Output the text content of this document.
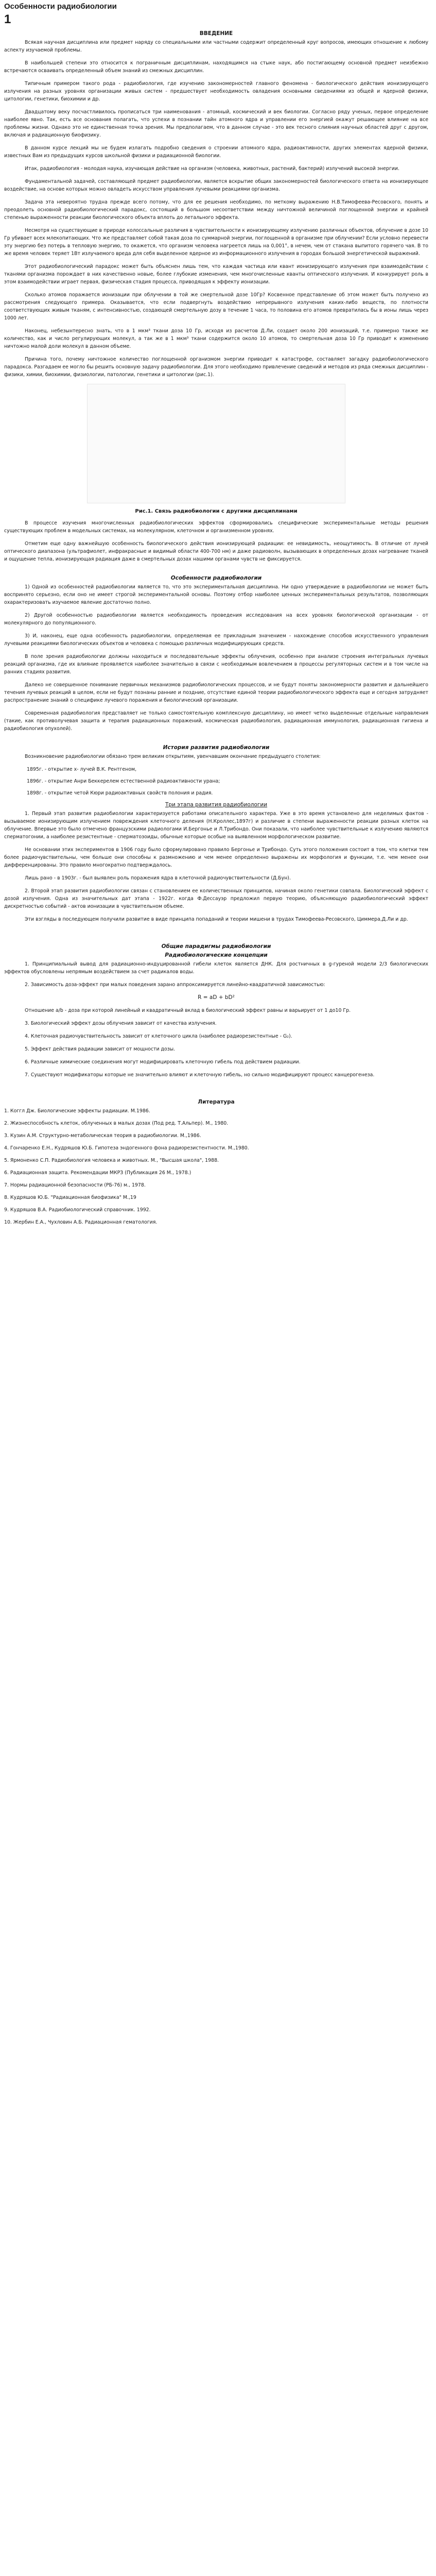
Особенности радиобиологии
1
ВВЕДЕНИЕ

Всякая научная дисциплина или предмет наряду со специальными или частными содержит определенный круг вопросов, имеющих отношение к любому аспекту изучаемой проблемы.

В наибольшей степени это относится к пограничным дисциплинам, находящимся на стыке наук, або постигающему основной предмет неизбежно встречаются осваивать определенный объем знаний из смежных дисциплин.

Типичным примером такого рода - радиобиология, где изучению закономерностей главного феномена - биологического действия ионизирующего излучения на разных уровнях организации живых систем - предшествует необходимость овладения основными сведениями из общей и ядерной физики, цитологии, генетики, биохимии и др.

Двадцатому веку посчастливилось прописаться три наименования - атомный, космический и век биологии. Согласно ряду ученых, первое определение наиболее явно. Так, есть все основания полагать, что успехи в познании тайн атомного ядра и управлении его энергией окажут решающее влияние на все проблемы жизни. Однако это не единственная точка зрения. Мы предполагаем, что в данном случае - это век тесного слияния научных областей друг с другом, включая и радиационную биофизику.

В данном курсе лекций мы не будем излагать подробно сведения о строении атомного ядра, радиоактивности, других элементах ядерной физики, известных Вам из предыдущих курсов школьной физики и радиационной биологии.

Итак, радиобиология - молодая наука, изучающая действие на организм (человека, животных, растений, бактерий) излучений высокой энергии.

Фундаментальной задачей, составляющей предмет радиобиологии, является вскрытие общих закономерностей биологического ответа на ионизирующее воздействие, на основе которых можно овладеть искусством управления лучевыми реакциями организма.

Задача эта невероятно трудна прежде всего потому, что для ее решения необходимо, по меткому выражению Н.В.Тимофеева-Ресовского, понять и преодолеть основной радиобиологический парадокс, состоящий в большом несоответствии между ничтожной величиной поглощенной энергии и крайней степенью выраженности реакции биологического объекта вплоть до летального эффекта.

Несмотря на существующие в природе колоссальные различия в чувствительности к ионизирующему излучению различных объектов, облучение в дозе 10 Гр убивает всех млекопитающих. Что же представляет собой такая доза по суммарной энергии, поглощенной в организме при облучении? Если условно перевести эту энергию без потерь в тепловую энергию, то окажется, что организм человека нагреется лишь на 0,001°, в нечем, чем от стакана выпитого горячего чая. В то же время человек теряет 1Вт излучаемого вреда для себя выделенное ядерное из информационного излучения в городах большой энергетической выражений.

Этот радиобиологический парадокс может быть объяснен лишь тем, что каждая частица или квант ионизирующего излучения при взаимодействии с тканями организма порождает в них качественно новые, более глубокие изменения, чем многочисленные кванты оптического излучения. И конкурирует роль в этом взаимодействии играет первая, физическая стадия процесса, приводящая к эффекту ионизации.

Сколько атомов поражается ионизации при облучении в той же смертельной дозе 10Гр? Косвенное представление об этом может быть получено из рассмотрения следующего примера. Оказывается, что если подвергнуть воздействию непрерывного излучения каких-либо веществ, по плотности соответствующих живым тканям, с интенсивностью, создающей смертельную дозу в течение 1 часа, то половина его атомов превратилась бы в ионы лишь через 1000 лет.

Наконец, небезынтересно знать, что в 1 мкм³ ткани доза 10 Гр, исходя из расчетов Д.Ли, создает около 200 ионизаций, т.е. примерно также же количество, как и число регулирующих молекул, а так же в 1 мкм³ ткани содержится около 10 атомов, то смертельная доза 10 Гр приводит к изменению ничтожно малой доли молекул в данном объеме.

Причина того, почему ничтожное количество поглощенной организмом энергии приводит к катастрофе, составляет загадку радиобиологического парадокса. Разгадаем ее могло бы решить основную задачу радиобиологии. Для этого необходимо привлечение сведений и методов из ряда смежных дисциплин - физики, химии, биохимии, физиологии, патологии, генетики и цитологии (рис.1).

Рис.1. Связь радиобиологии с другими дисциплинами

В процессе изучения многочисленных радиобиологических эффектов сформировались специфические экспериментальные методы решения существующих проблем в модельных системах, на молекулярном, клеточном и организменном уровнях.

Отметим еще одну важнейшую особенность биологического действия ионизирующей радиации: ее невидимость, неощутимость. В отличие от лучей оптического диапазона (ультрафиолет, инфракрасные и видимый области 400-700 нм) и даже радиоволн, вызывающих в определенных дозах нагревание тканей и ощущение тепла, ионизирующая радиация даже в смертельных дозах нашими органами чувств не фиксируется.

Особенности радиобиологии

1) Одной из особенностей радиобиологии является то, что это экспериментальная дисциплина. Ни одно утверждение в радиобиологии не может быть воспринято серьезно, если оно не имеет строгой экспериментальной основы. Поэтому отбор наиболее ценных экспериментальных результатов, позволяющих охарактеризовать изучаемое явление достаточно полно.

2) Другой особенностью радиобиологии является необходимость проведения исследования на всех уровнях биологической организации - от молекулярного до популяционного.

3) И, наконец, еще одна особенность радиобиологии, определяемая ее прикладным значением - нахождение способов искусственного управления лучевыми реакциями биологических объектов и человека с помощью различных модифицирующих средств.

В поле зрения радиобиологии должны находиться и последовательные эффекты облучения, особенно при анализе строения интегральных лучевых реакций организма, где их влияние проявляется наиболее значительно в связи с необходимым вовлечением в процессы регуляторных систем и в том числе на ранних стадиях развития.

Далеко не совершенное понимание первичных механизмов радиобиологических процессов, и не будут поняты закономерности развития и дальнейшего течения лучевых реакций в целом, если не будут познаны ранние и поздние, отсутствие единой теории радиобиологического эффекта еще и сегодня затрудняет распространение знаний о специфике лучевого поражения и биологический организации.

Современная радиобиология представляет не только самостоятельную комплексную дисциплину, но имеет четко выделенные отдельные направления (такие, как противолучевая защита и терапия радиационных поражений, космическая радиобиология, радиационная иммунология, радиационная гигиена и радиобиология опухолей).

История развития радиобиологии

Возникновение радиобиологии обязано трем великим открытиям, увенчавшим окончание предыдущего столетия:

1895г. - открытие х- лучей В.К. Рентгеном,
1896г. - открытие Анри Беккерелем естественной радиоактивности урана;
1898г. - открытие четой Кюри радиоактивных свойств полония и радия.
Три этапа развития радиобиологии

1. Первый этап развития радиобиологии характеризуется работами описательного характера. Уже в это время установлено для неделимых фактов - вызываемое ионизирующим излучением повреждения клеточного деления (Н.Кроллес,1897г) и различие в степени выраженности реакции разных клеток на облучение. Впервые это было отмечено французскими радиологами И.Бергонье и Л.Трибондо. Они показали, что наиболее чувствительные к излучению являются сперматогонии, а наиболее резистентные - сперматозоиды, обычные которые особые на выявленном морфологическом развитие.

Не основании этих экспериментов в 1906 году было сформулировано правило Бергонье и Трибондо. Суть этого положения состоит в том, что клетки тем более радиочувствительны, чем больше они способны к размножению и чем менее определенно выражены их морфология и функции, т.е. чем менее они дифференцированы. Это правило многократно подтверждалось.

Лишь рано - в 1903г. - был выявлен роль поражения ядра в клеточной радиочувствительности (Д.Бун).

2. Второй этап развития радиобиологии связан с становлением ее количественных принципов, начиная около генетики совпала. Биологический эффект с дозой излучения. Одна из значительных дат этапа - 1922г. когда Ф.Дессауэр предложил первую теорию, объясняющую радиобиологический эффект дискретностью событий - актов ионизации в чувствительном объеме.

Эти взгляды в последующем получили развитие в виде принципа попаданий и теории мишени в трудах Тимофеева-Ресовского, Циммера,Д.Ли и др.

Общие парадигмы радиобиологии
Радиобиологические концепции

1. Принципиальный вывод для радиационно-индуцированной гибели клеток является ДНК. Для ростничных в g-гуреной модели 2/3 биологических эффектов обусловлены непрямым воздействием за счет радикалов воды.

2. Зависимость доза-эффект при малых поведения зарано аппроксимируется линейно-квадратичной зависимостью:

R = aD + bD²

Отношение a/b - доза при которой линейный и квадратичный вклад в биологический эффект равны и варьирует от 1 до10 Гр.

3. Биологический эффект дозы облучения зависит от качества излучения.

4. Клеточная радиочувствительность зависит от клеточного цикла (наиболее радиорезистентные - G₂).

5. Эффект действия радиации зависит от мощности дозы.

6. Различные химические соединения могут модифицировать клеточную гибель под действием радиации.

7. Существуют модификаторы которые не значительно влияют и клеточную гибель, но сильно модифицируют процесс канцерогенеза.

Литература
1. Коггл Дж. Биологические эффекты радиации. М.1986.
2. Жизнеспособность клеток, облученных в малых дозах (Под ред. Т.Альпер). М., 1980.
3. Кузин А.М. Структурно-метаболическая теория в радиобиологии. М.,1986.
4. Гончаренко Е.Н., Кудряшов Ю.Б. Гипотеза эндогенного фона радиорезистентности. М.,1980.
5. Ярмоненко С.П. Радиобиология человека и животных. М., "Высшая школа", 1988.
6. Радиационная защита. Рекомендации МКРЗ (Публикация 26 М., 1978.)
7. Нормы радиационной безопасности (РБ-76) м., 1978.
8. Кудряшов Ю.Б. "Радиационная биофизика" М.,19
9. Кудряшов В.А. Радиобиологический справочник. 1992.
10. Жербин Е.А., Чухловин А.Б. Радиационная гематология.
